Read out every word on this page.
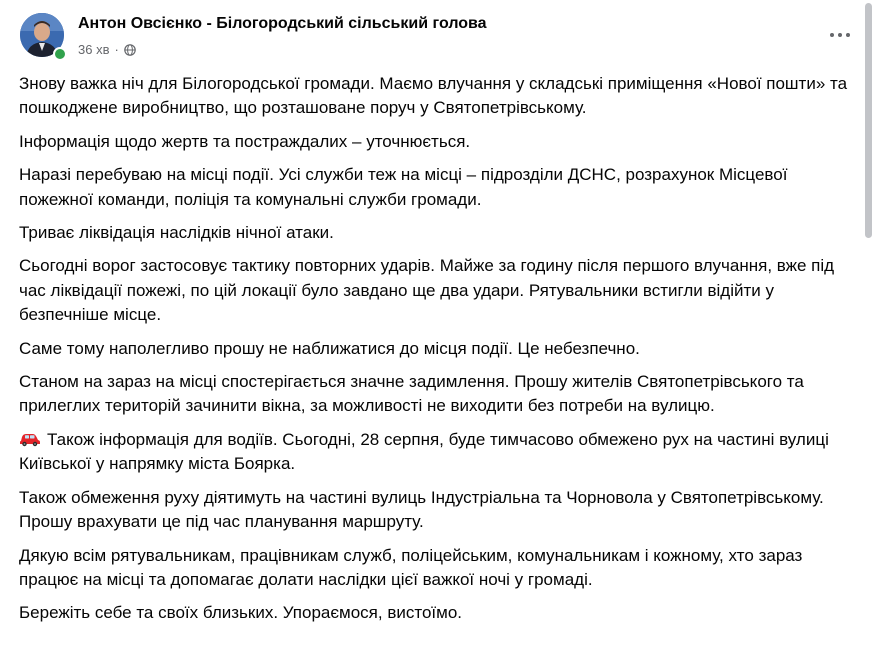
Антон Овсієнко - Білогородський сільський голова
36 хв ·

Знову важка ніч для Білогородської громади. Маємо влучання у складські приміщення «Нової пошти» та пошкоджене виробництво, що розташоване поруч у Святопетрівському.

Інформація щодо жертв та постраждалих – уточнюється.

Наразі перебуваю на місці події. Усі служби теж на місці – підрозділи ДСНС, розрахунок Місцевої пожежної команди, поліція та комунальні служби громади.

Триває ліквідація наслідків нічної атаки.

Сьогодні ворог застосовує тактику повторних ударів. Майже за годину після першого влучання, вже під час ліквідації пожежі, по цій локації було завдано ще два удари. Рятувальники встигли відійти у безпечніше місце.

Саме тому наполегливо прошу не наближатися до місця події. Це небезпечно.

Станом на зараз на місці спостерігається значне задимлення. Прошу жителів Святопетрівського та прилеглих територій зачинити вікна, за можливості не виходити без потреби на вулицю.

Також інформація для водіїв. Сьогодні, 28 серпня, буде тимчасово обмежено рух на частині вулиці Київської у напрямку міста Боярка.

Також обмеження руху діятимуть на частині вулиць Індустріальна та Чорновола у Святопетрівському. Прошу врахувати це під час планування маршруту.

Дякую всім рятувальникам, працівникам служб, поліцейським, комунальникам і кожному, хто зараз працює на місці та допомагає долати наслідки цієї важкої ночі у громаді.

Бережіть себе та своїх близьких. Упораємося, вистоїмо.
